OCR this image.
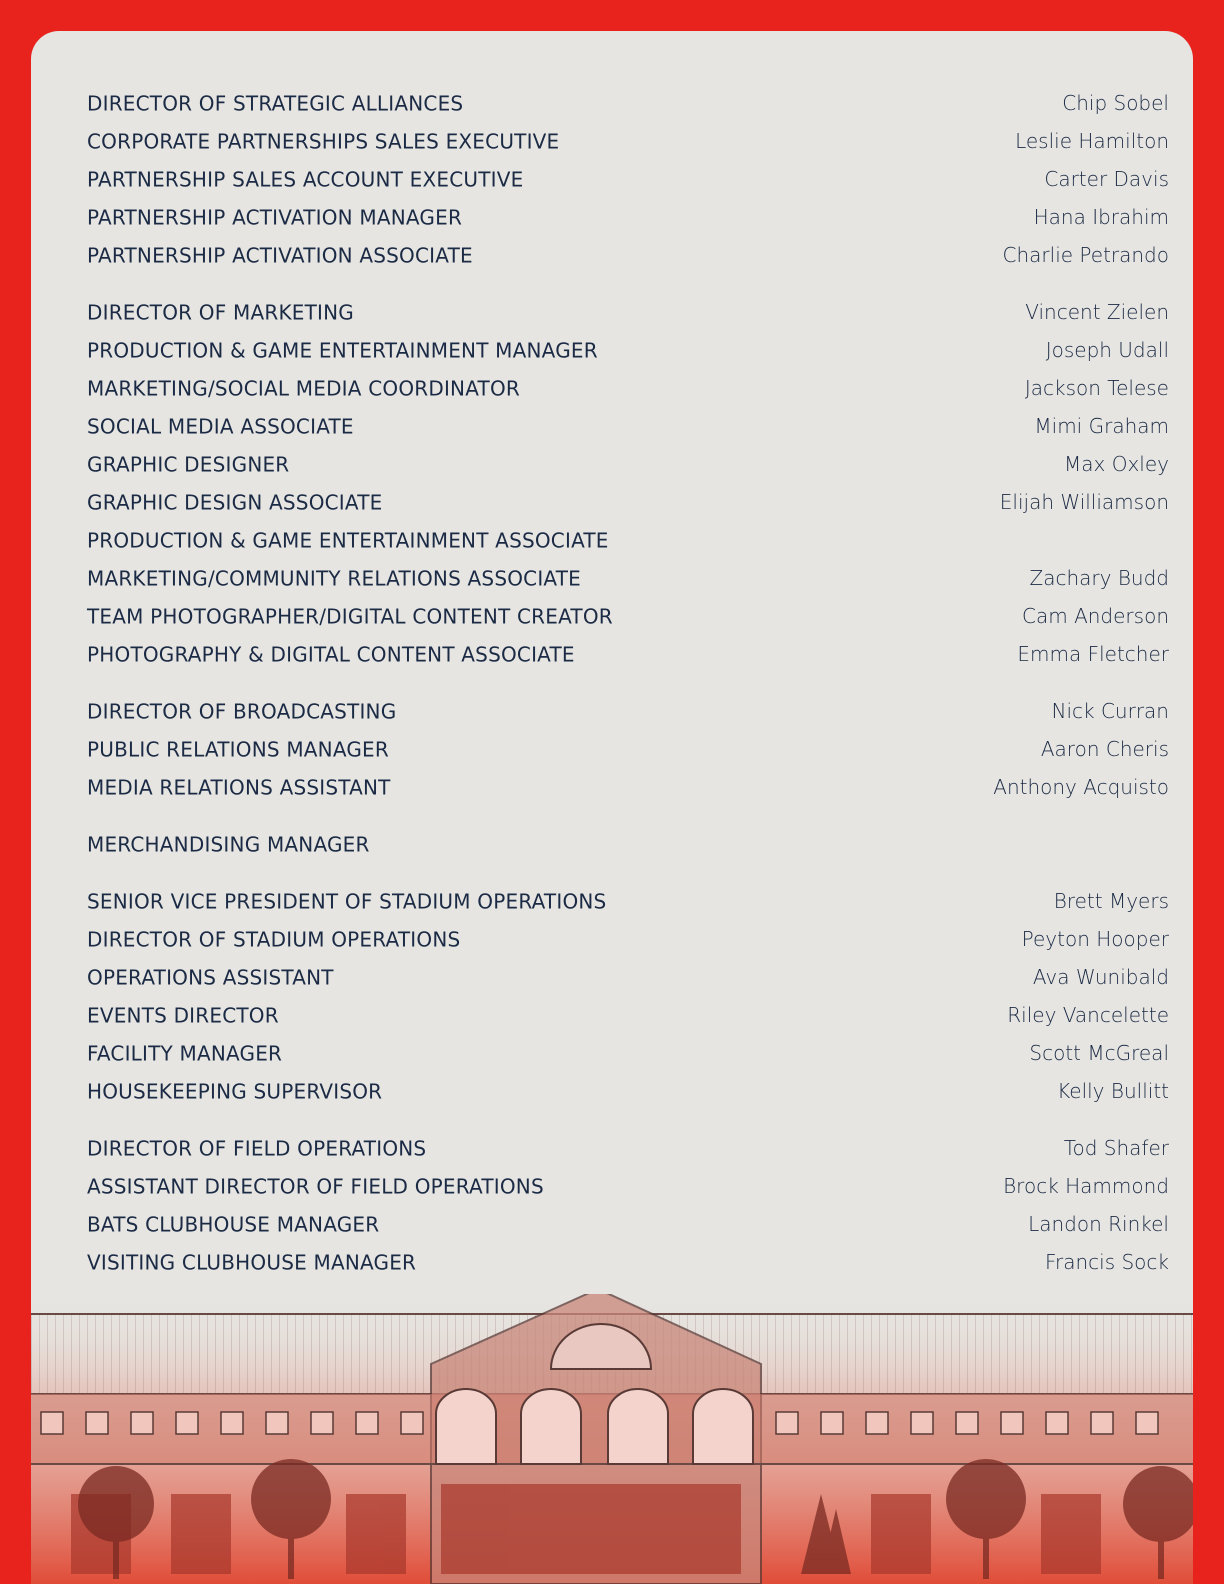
DIRECTOR OF STRATEGIC ALLIANCES	Chip Sobel
CORPORATE PARTNERSHIPS SALES EXECUTIVE	Leslie Hamilton
PARTNERSHIP SALES ACCOUNT EXECUTIVE	Carter Davis
PARTNERSHIP ACTIVATION MANAGER	Hana Ibrahim
PARTNERSHIP ACTIVATION ASSOCIATE	Charlie Petrando
DIRECTOR OF MARKETING	Vincent Zielen
PRODUCTION & GAME ENTERTAINMENT MANAGER	Joseph Udall
MARKETING/SOCIAL MEDIA COORDINATOR	Jackson Telese
SOCIAL MEDIA ASSOCIATE	Mimi Graham
GRAPHIC DESIGNER	Max Oxley
GRAPHIC DESIGN ASSOCIATE	Elijah Williamson
PRODUCTION & GAME ENTERTAINMENT ASSOCIATE
MARKETING/COMMUNITY RELATIONS ASSOCIATE	Zachary Budd
TEAM PHOTOGRAPHER/DIGITAL CONTENT CREATOR	Cam Anderson
PHOTOGRAPHY & DIGITAL CONTENT ASSOCIATE	Emma Fletcher
DIRECTOR OF BROADCASTING	Nick Curran
PUBLIC RELATIONS MANAGER	Aaron Cheris
MEDIA RELATIONS ASSISTANT	Anthony Acquisto
MERCHANDISING MANAGER
SENIOR VICE PRESIDENT OF STADIUM OPERATIONS	Brett Myers
DIRECTOR OF STADIUM OPERATIONS	Peyton Hooper
OPERATIONS ASSISTANT	Ava Wunibald
EVENTS DIRECTOR	Riley Vancelette
FACILITY MANAGER	Scott McGreal
HOUSEKEEPING SUPERVISOR	Kelly Bullitt
DIRECTOR OF FIELD OPERATIONS	Tod Shafer
ASSISTANT DIRECTOR OF FIELD OPERATIONS	Brock Hammond
BATS CLUBHOUSE MANAGER	Landon Rinkel
VISITING CLUBHOUSE MANAGER	Francis Sock
